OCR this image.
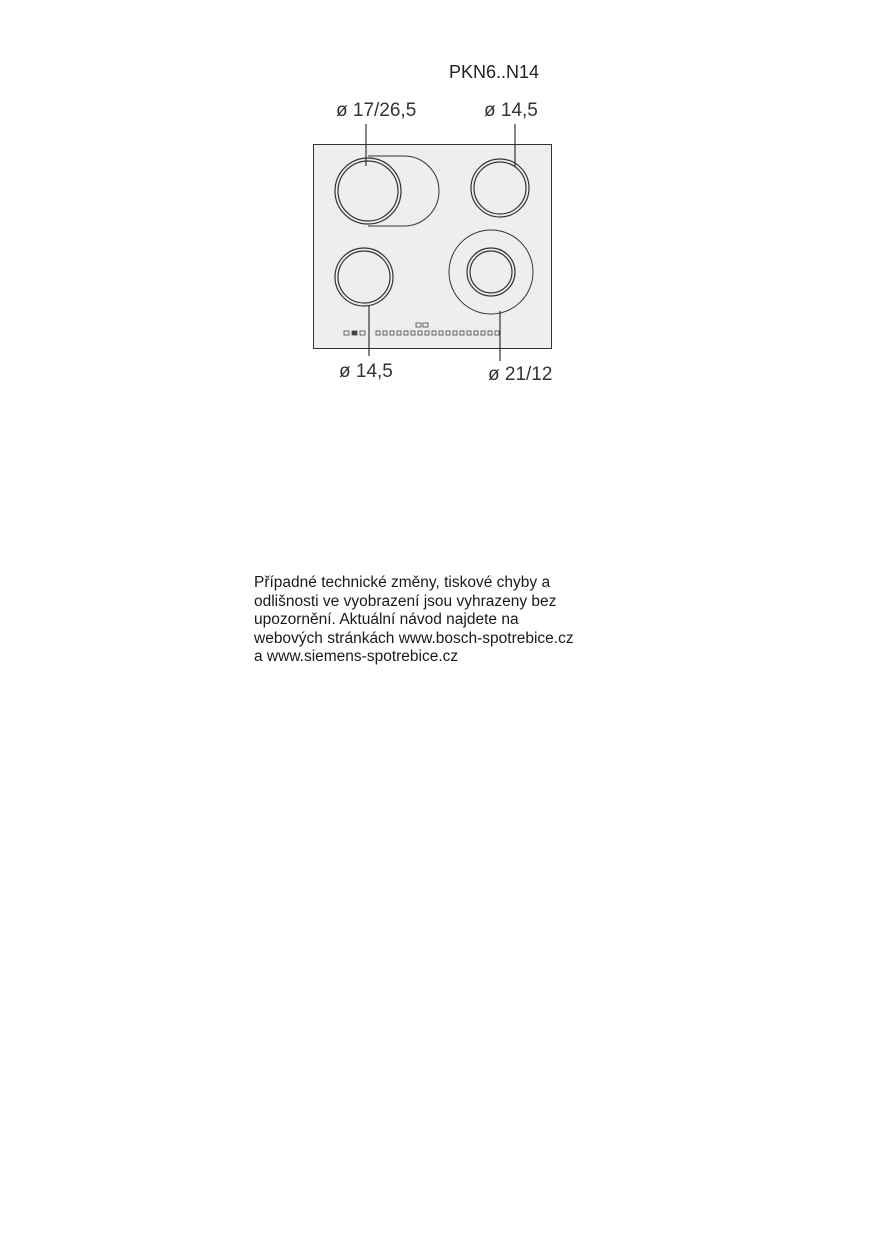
PKN6..N14
ø 17/26,5	ø 14,5
ø 14,5	ø 21/12

Případné technické změny, tiskové chyby a

odlišnosti ve vyobrazení jsou vyhrazeny bez

upozornění. Aktuální návod najdete na

webových stránkách www.bosch-spotrebice.cz

a www.siemens-spotrebice.cz
